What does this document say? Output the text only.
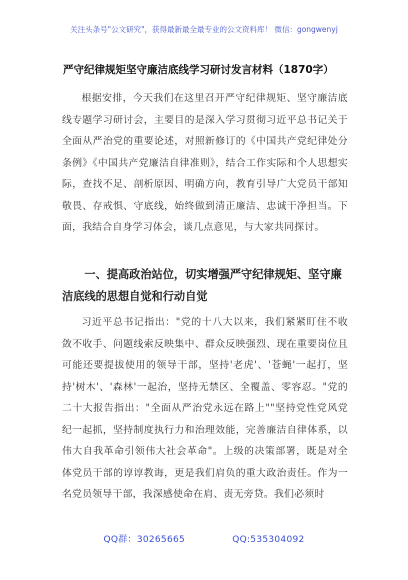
关注头条号"公文研究"，获得最新最全最专业的公文资料库！ 微信：gongwenyj
严守纪律规矩坚守廉洁底线学习研讨发言材料（1870字）
根据安排，今天我们在这里召开严守纪律规矩、坚守廉洁底线专题学习研讨会，主要目的是深入学习贯彻习近平总书记关于全面从严治党的重要论述，对照新修订的《中国共产党纪律处分条例》《中国共产党廉洁自律准则》，结合工作实际和个人思想实际，查找不足、剖析原因、明确方向，教育引导广大党员干部知敬畏、存戒惧、守底线，始终做到清正廉洁、忠诚干净担当。下面，我结合自身学习体会，谈几点意见，与大家共同探讨。
一、提高政治站位，切实增强严守纪律规矩、坚守廉洁底线的思想自觉和行动自觉
习近平总书记指出："党的十八大以来，我们紧紧盯住不收敛不收手、问题线索反映集中、群众反映强烈、现在重要岗位且可能还要提拔使用的领导干部，坚持'老虎'、'苍蝇'一起打，坚持'树木'、'森林'一起治，坚持无禁区、全覆盖、零容忍。"党的二十大报告指出："全面从严治党永远在路上""坚持党性党风党纪一起抓，坚持制度执行力和治理效能，完善廉洁自律体系，以伟大自我革命引领伟大社会革命"。上级的决策部署，既是对全体党员干部的谆谆教诲，更是我们肩负的重大政治责任。作为一名党员领导干部，我深感使命在肩、责无旁贷。我们必须时
QQ群：30265665	QQ:535304092
